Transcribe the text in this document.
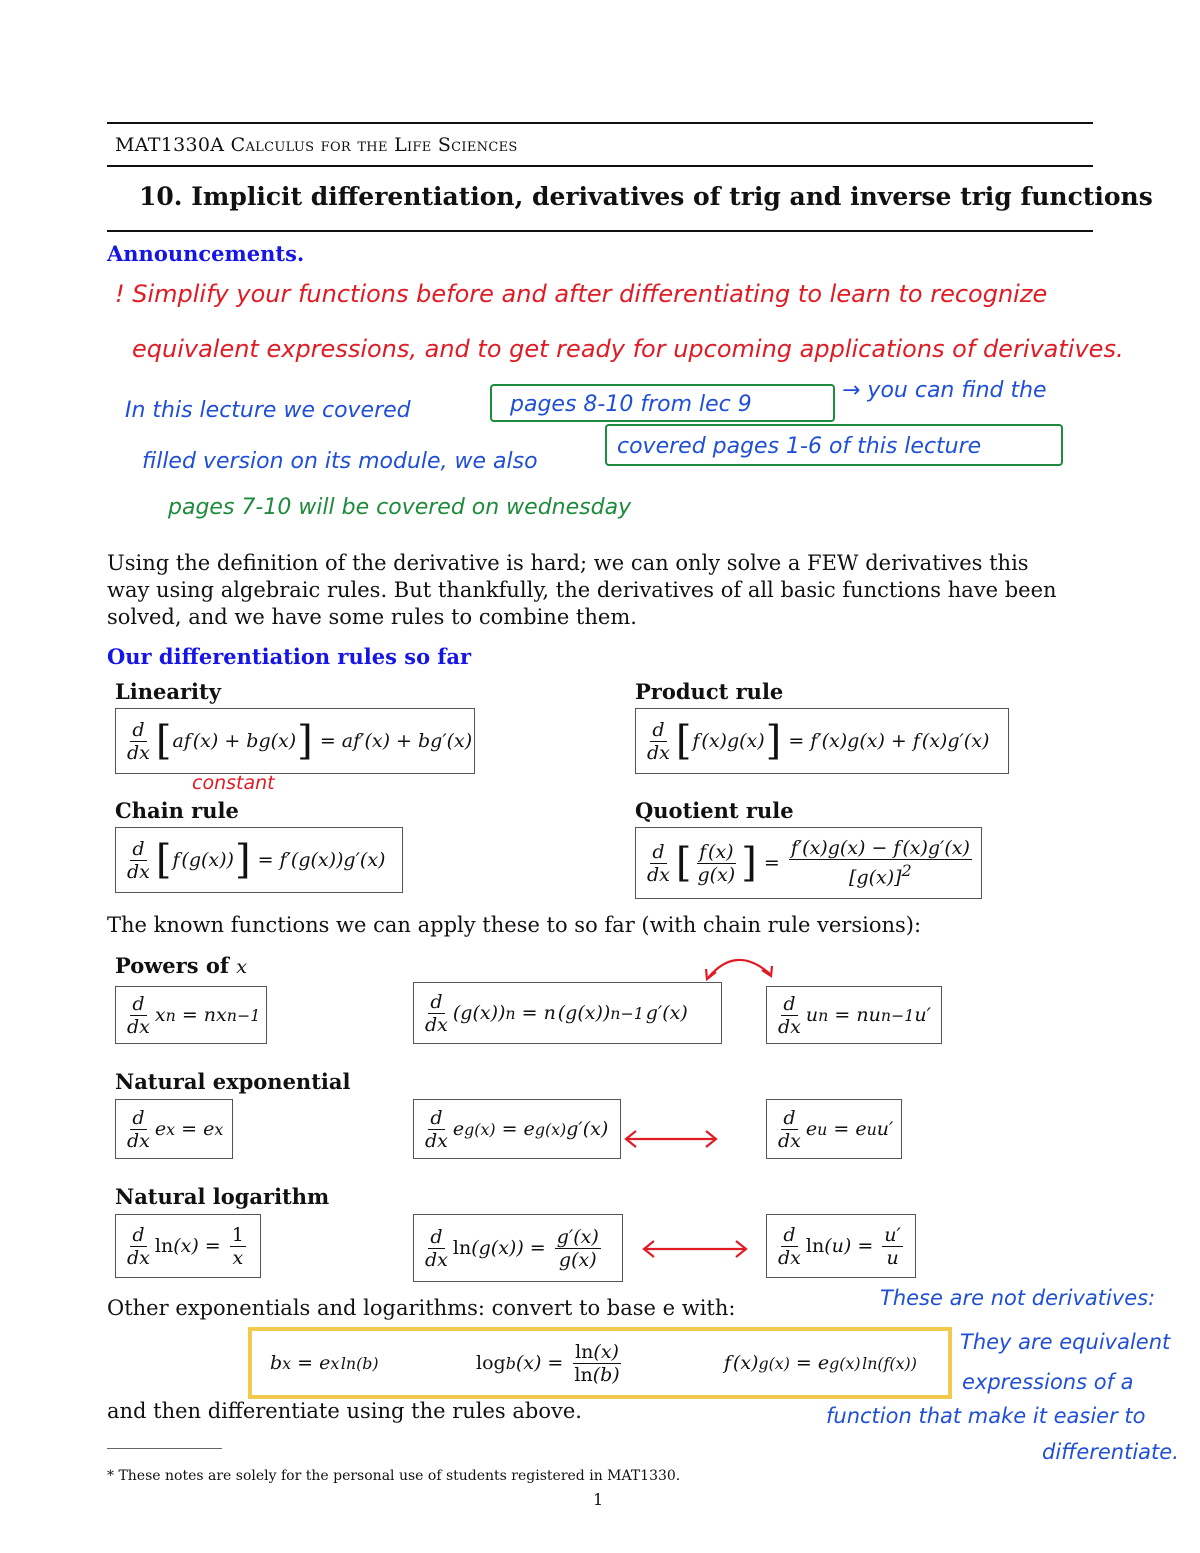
MAT1330A Calculus for the Life Sciences
10. Implicit differentiation, derivatives of trig and inverse trig functions
Announcements.
! Simplify your functions before and after differentiating to learn to recognize
equivalent expressions, and to get ready for upcoming applications of derivatives.
In this lecture we covered	pages 8-10 from lec 9
→ you can find the
filled version on its module, we also
covered pages 1-6 of this lecture
pages 7-10 will be covered on wednesday
Using the definition of the derivative is hard; we can only solve a FEW derivatives this way using algebraic rules. But thankfully, the derivatives of all basic functions have been solved, and we have some rules to combine them.
Our differentiation rules so far
Linearity
$\frac{d}{dx}$ [ af (x) + bg(x) ] = af′(x) + bg′(x)
constant
Product rule
$\frac{d}{dx}$ [ f (x)g(x) ] = f′(x)g(x) + f (x)g′(x)
Chain rule
$\frac{d}{dx}$ [ f (g(x)) ] = f′(g(x))g′(x)
Quotient rule
$\frac{d}{dx}$ [ $\frac{f (x)}{g(x)}$ ] = $\frac{f'(x)g(x) - f (x)g'(x)}{[g(x)]^2}$
The known functions we can apply these to so far (with chain rule versions):
Powers of x
$\frac{d}{dx}$ x n = nx n−1	$\frac{d}{dx} (g(x)) n = n$ (g(x)) n−1  g′(x)	$\frac{d}{dx}$ u n = nu n−1 u′
Natural exponential
$\frac{d}{dx}$ e x = e x	$\frac{d}{dx}$ e g(x) = e g(x) g′(x)	$\frac{d}{dx}$ e u = e u u′
Natural logarithm
$\frac{d}{dx}$ $\ln (x) = \frac{1}{x}$	$\frac{d}{dx}$ $\ln (g(x)) = \frac{g'(x)}{g(x)}$	$\frac{d}{dx}$ $\ln (u) = \frac{u'}{u}$
Other exponentials and logarithms: convert to base e with:
b x = e x ln(b)	log b $(x) = \frac{\ln(x)}{\ln(b)}$	f (x) g(x) = e g(x) ln(f(x))
and then differentiate using the rules above.
These are not derivatives:
They are equivalent
expressions of a
function that make it easier to
differentiate.
* These notes are solely for the personal use of students registered in MAT1330.
1
